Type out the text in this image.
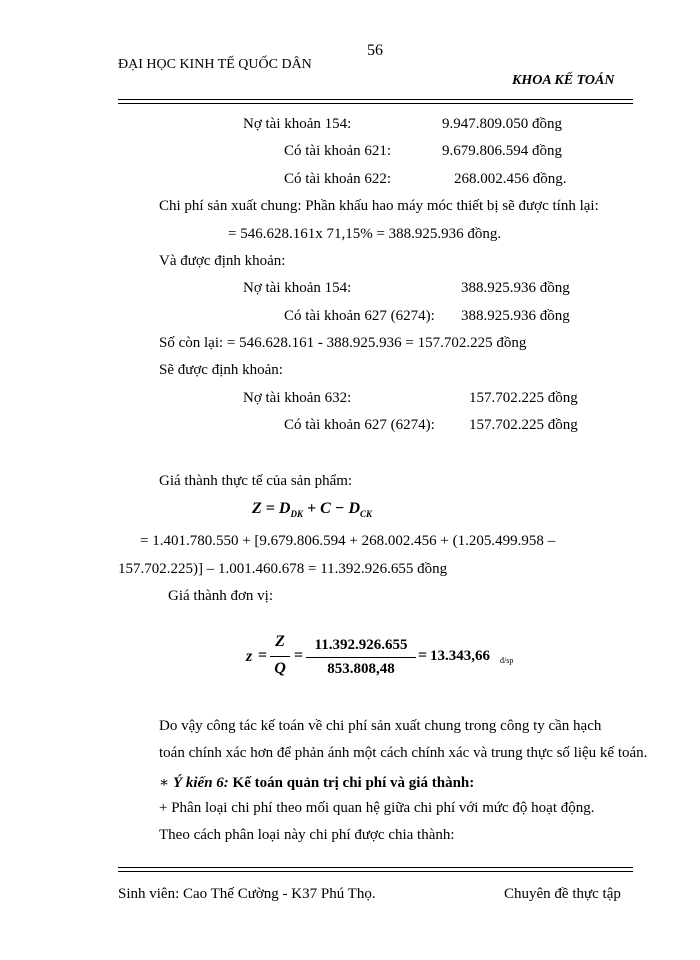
56
ĐẠI HỌC KINH TẾ QUỐC DÂN
KHOA KẾ TOÁN
Nợ tài khoản 154:	9.947.809.050 đồng
Có tài khoản 621:	9.679.806.594 đồng
Có tài khoản 622:	268.002.456 đồng.
Chi phí sản xuất chung: Phần khấu hao máy móc thiết bị sẽ được tính lại:
= 546.628.161x 71,15% = 388.925.936 đồng.
Và được định khoản:
Nợ tài khoản 154:	388.925.936 đồng
Có tài khoản 627 (6274): 388.925.936 đồng
Số còn lại: = 546.628.161 - 388.925.936 = 157.702.225 đồng
Sẽ được định khoản:
Nợ tài khoản 632:	157.702.225 đồng
Có tài khoản 627 (6274): 157.702.225 đồng
Giá thành thực tế của sản phẩm:
$Z = D_{DK} + C - D_{CK}$
= 1.401.780.550 + [9.679.806.594 + 268.002.456 + (1.205.499.958 –
157.702.225)] – 1.001.460.678 = 11.392.926.655 đồng
Giá thành đơn vị:
z =
Z
Q
=
11.392.926.655
853.808,48
= 13.343,66 đ/sp
Do vậy công tác kế toán về chi phí sản xuất chung trong công ty cần hạch
toán chính xác hơn để phản ánh một cách chính xác và trung thực số liệu kế toán.
∗ Ý kiến 6: Kế toán quản trị chi phí và giá thành:
+ Phân loại chi phí theo mối quan hệ giữa chi phí với mức độ hoạt động.
Theo cách phân loại này chi phí được chia thành:
Sinh viên: Cao Thế Cường - K37 Phú Thọ.	Chuyên đề thực tập
